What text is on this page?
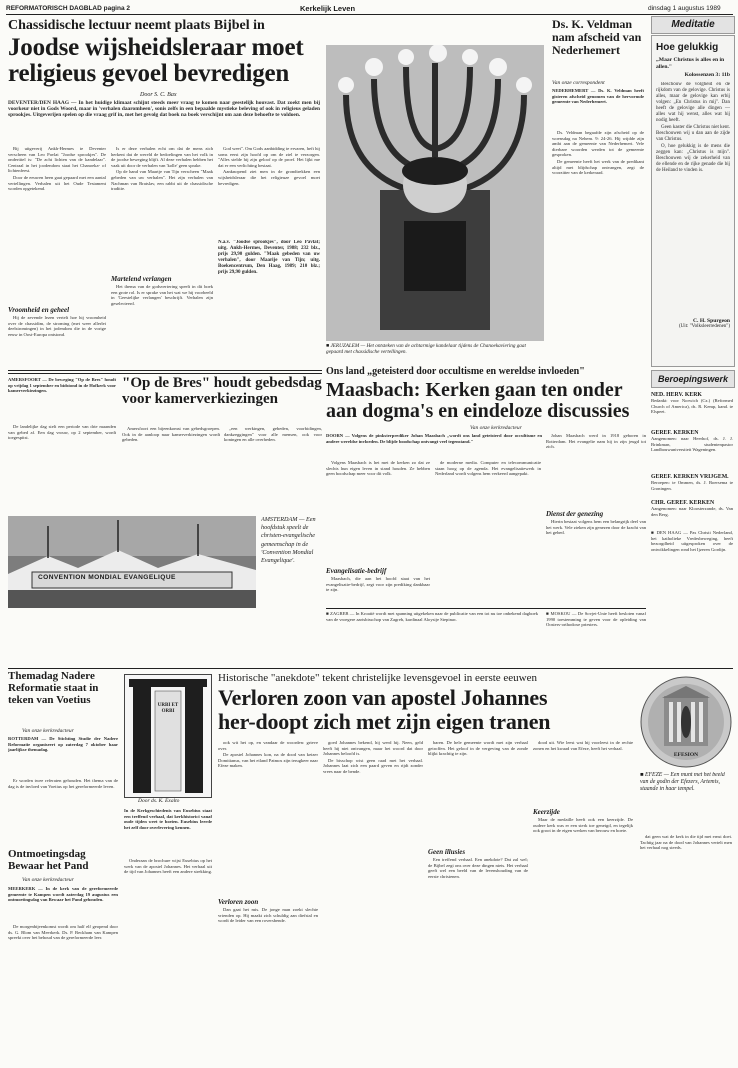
REFORMATORISCH DAGBLAD pagina 2	Kerkelijk Leven	dinsdag 1 augustus 1989
Chassidische lectuur neemt plaats Bijbel in
Joodse wijsheidsleraar moet
religieus gevoel bevredigen
Door S. C. Bax
DEVENTER/DEN HAAG — In het huidige klimaat schijnt steeds meer vraag te komen naar geestelijk houvast. Dat zoekt men bij voorkeur niet in Gods Woord, maar in 'verhalen daaromheen', sonis zelfs in een bepaalde mystieke beleving of ook in religieus geladen sprookjes. Uitgeverijen spelen op die vraag grif in, met het gevolg dat boek na boek verschijnt om aan deze behoefte te voldoen.

Bij uitgeverij Ankh-Hermes te Deventer verscheen van Leo Pavlat "Joodse sprookjes". De ondertitel is: "De acht lichten van de kandelaar". Centraal in het joodendom staat het Chanoeka- of lichtenfeest.

Door de eeuwen heen gaat gepaard met een aantal vertellingen. Verhalen uit het Oude Testament worden opgetekend.

Vroomheid en geheel

Hij de zevende lezen vertelt hoe hij vroomheid over de chassidim, de stroming (met weer allerlei deelstromingen) in het jodendom die in de vorige eeuw in Oost-Europa ontstond.

Is er deze verhalen echt om dat de mens zich herkent dat de wereld de bedoelingen van het volk in de joodse beweging blijft. Al deze verhalen hebben het vaak uit door de verhalen van 'kolle' geen sprake.

Op de hand van Maartje van Tijn verscheen "Maak gebeden van uw verhalen". Het zijn verhalen van Nachman van Bratslav, een rabbi uit de chassidische traditie.

Martelend verlangen

Het thema van de godsvertering speelt in dit boek een grote rol. Is er sprake van het wat we hij voorbeeld in 'Geestelijke verlangen' beschrijft. Verhalen zijn geselecteerd.

God weet". Om Gods aanbidding te ervaren, heft hij soms eerst zijn hoofd op om de ziel te verzorgen. "Alles stelde hij zijn geloof op de proef. Het lijkt me dat er een verlichting bestaat.

Aanknopend ziet men in de grondtrekken een wijsheidsleraar die het religieuze gevoel moet bevredigen.

N.a.v. "Joodse sprookjes", door Leo Pavlat; uitg. Ankh-Hermes, Deventer, 1988; 232 blz., prijs 29,90 gulden. "Maak gebeden van uw verhalen", door Maarije van Tijn; uitg. Boekencentrum, Den Haag, 1989; 210 blz.; prijs 29,90 gulden.
■ JERUZALEM — Het ontsteken van de achtarmige kandelaar tijdens de Chanoekaviering gaat gepaard met chassidische vertellingen.
Ds. K. Veldman nam afscheid van Nederhemert
Van onze correspondent
NEDERHEMERT — Ds. K. Veldman heeft gisteren afscheid genomen van de hervormde gemeente van Nederhemert.

Ds. Veldman begaafde zijn afscheid op de woensdag na Nehem. 9: 24-26. Hij wijdde zijn ambt aan de gemeente van Nederhemert. Vele dierbare woorden werden tot de gemeente gesproken.

De gemeente heeft het werk van de predikant altijd met blijdschap ontvangen, zegt de voorzitter van de kerkeraad.

Meditatie
Hoe gelukkig
„Maar Christus is alles en in allen."
Kolossenzen 3: 11b

Beschouw de volgheid en de rijkdom van de gelovige. Christus is alles, maar de gelovige kan erbij volgen: „En Christus in mij". Dan heeft de gelovige alle dingen — alles wat hij wenst, alles wat hij nodig heeft.

Geen kaster die Christus niet kent. Beschouwen wij u dan aan de zijde van Christus.

O, hoe gelukkig is de mens die zeggen kan: „Christus is mijn". Beschouwen wij de zekerheid van de ellende en de rijke genade die bij de Heiland te vinden is.

C. H. Spurgeon
(Uit: "Volksleerredenen")
Beroepingswerk
NED. HERV. KERK
Bedankt: voor Norwich (Cz.) (Reformed Church of America), ds. R. Kemp, kand. te Elspeet.
GEREF. KERKEN
Aangenomen: naar Heerhof, ds. J. J. Brinkman, studentenpastor Landbouwuniversiteit Wageningen.
GEREF. KERKEN VRIJGEM.
Beroepen: te Ommen, ds. J. Boersema te Groningen.
CHR. GEREF. KERKEN
Aangenomen: naar Kloosterzande, ds. Van den Berg.
■ DEN HAAG — Pas Christi Nederland, het katholieke Vredesbeweging, heeft bezorgdheid uitgesproken over de ontwikkelingen rond het Ijzeren Gordijn.
AMERSFOORT — De beweging "Op de Bres" houdt op vrijdag 1 september en bidstond in de Hofkerk voor kamerverkiezingen.

De landelijke dag stelt een periode van drie maanden van gebed af. Een dag vrouw, op 2 september, wordt toegespitst.

"Op de Bres" houdt gebedsdag voor kamerverkiezingen

Amersfoort een bijeenkomst van gebedsgroepen. Ook in de aanloop naar kamerverkiezingen wordt gebeden.

„een werkingen, gebeden, voorbidingen, dankzeggingen" voor alle mensen, ook voor koningen en alle overheden.

Ons land „geteisterd door occultisme en wereldse invloeden"
Maasbach: Kerken gaan ten onder
aan dogma's en eindeloze discussies
Van onze kerkredacteur
DOORN — Volgens de pinksterprediker Johan Maasbach „wordt ons land geteisterd door occultisme en andere wereldse invloeden. De blijde boodschap ontvangt veel tegenstand."

Volgens Maasbach is het met de kerken zo dat ze slechts hun eigen leven in stand houden. Ze hebben geen boodschap meer voor dit volk.

Evangelisatie-bedrijf

Maasbach, die aan het hoofd staat van het evangelisatie-bedrijf, zegt voor zijn prediking dankbaar te zijn.

de moderne media. Computer en telecommunicatie staan hoog op de agenda. Het evangelisatiewerk in Nederland wordt volgens hem verkeerd aangepakt.

Johan Maasbach werd in 1918 geboren in Rotterdam. Het evangelie nam hij in zijn jeugd tot zich.

Dienst der genezing

Hierin bestaat volgens hem een belangrijk deel van het werk. Vele zieken zijn genezen door de kracht van het gebed.

CONVENTION MONDIAL EVANGELIQUE
AMSTERDAM — Een hoofdstuk speelt de christen-evangelische gemeenschap in de 'Convention Mondial Evangelique'.
■ ZAGREB — In Kroatië wordt met spanning uitgekeken naar de publicatie van een tot nu toe onbekend dagboek van de vroegere aartsbisschop van Zagreb, kardinaal Aloysije Stepinac.
■ MOSKOU — De Sovjet-Unie heeft besloten vanaf 1990 toestemming te geven voor de opleiding van Oosters-orthodoxe priesters.
Themadag Nadere Reformatie staat in teken van Voetius
Van onze kerkredacteur
ROTTERDAM — De Stichting Studie der Nadere Reformatie organiseert op zaterdag 7 oktober haar jaarlijkse themadag.

Er worden twee referaten gehouden. Het thema van de dag is de invloed van Voetius op het gereformeerde leven.

Ontmoetingsdag Bewaar het Pand
Van onze kerkredacteur
MEERKERK — In de kerk van de gereformeerde gemeente te Kampen wordt zaterdag 19 augustus een ontmoetingsdag van Bewaar het Pand gehouden.

De morgenbijeenkomst wordt om half elf geopend door ds. G. Blom van Meerkerk. Ds. P. Beckham van Kampen spreekt over het behoud van de gereformeerde leer.

URBI ET ORBI
Historische "anekdote" tekent christelijke levensgevoel in eerste eeuwen
Verloren zoon van apostel Johannes
her-doopt zich met zijn eigen tranen
Door ds. K. Exalto
In de Kerkgeschiedenis van Eusebius staat een treffend verhaal, dat kerkhistorici vanaf oude tijden weet te boeien. Eusebius leerde het zelf door overlevering kennen.

Onderaan de brochure wijst Eusebius op het werk van de apostel Johannes. Het verhaal uit de tijd van Johannes heeft een andere strekking.

ook wit het op, en vandaar de woorden: grieve over.

De apostel Johannes kon, na de dood van keizer Domitianus, van het eiland Patmos zijn terugkeer naar Efeze maken.

Verloren zoon

Dan gaat het mis. De jonge man zoekt slechte vrienden op. Hij maakt zich schuldig aan diefstal en wordt de leider van een roversbende.

goed Johannes bekend, hij werd hij. Neen, geld heeft hij niet ontvangen, maar het woord dat door Johannes beloofd is.

De bisschop wist geen raad met het verhaal. Johannes laat zich een paard geven en rijdt zonder vrees naar de bende.

baren. De hele gemeente wordt met zijn verhaal getroffen. Het geloof in de vergeving van de zonde blijkt krachtig te zijn.

Geen illusies

Een treffend verhaal. Een anekdote? Dat zal wel; de Bijbel zegt ons over deze dingen niets. Het verhaal geeft wel een beeld van de levenshouding van de eerste christenen.

dood uit. Wie leest wat hij voorleest in de rechte zonen en het kwaad van Efeze, heeft het verhaal.

Keerzijde

Maar de medaille heeft ook een keerzijde. De oudere kerk was er een sterk toe geneigd, en tegelijk ook groot in de eigen werken van berouw en boete.

EFESION
■ EFEZE — Een munt met het beeld van de godin der Efezers, Artemis, staande in haar tempel.

dat geen wat de kerk in die tijd met ernst doet. Tachtig jaar na de dood van Johannes vertelt men het verhaal nog steeds.
